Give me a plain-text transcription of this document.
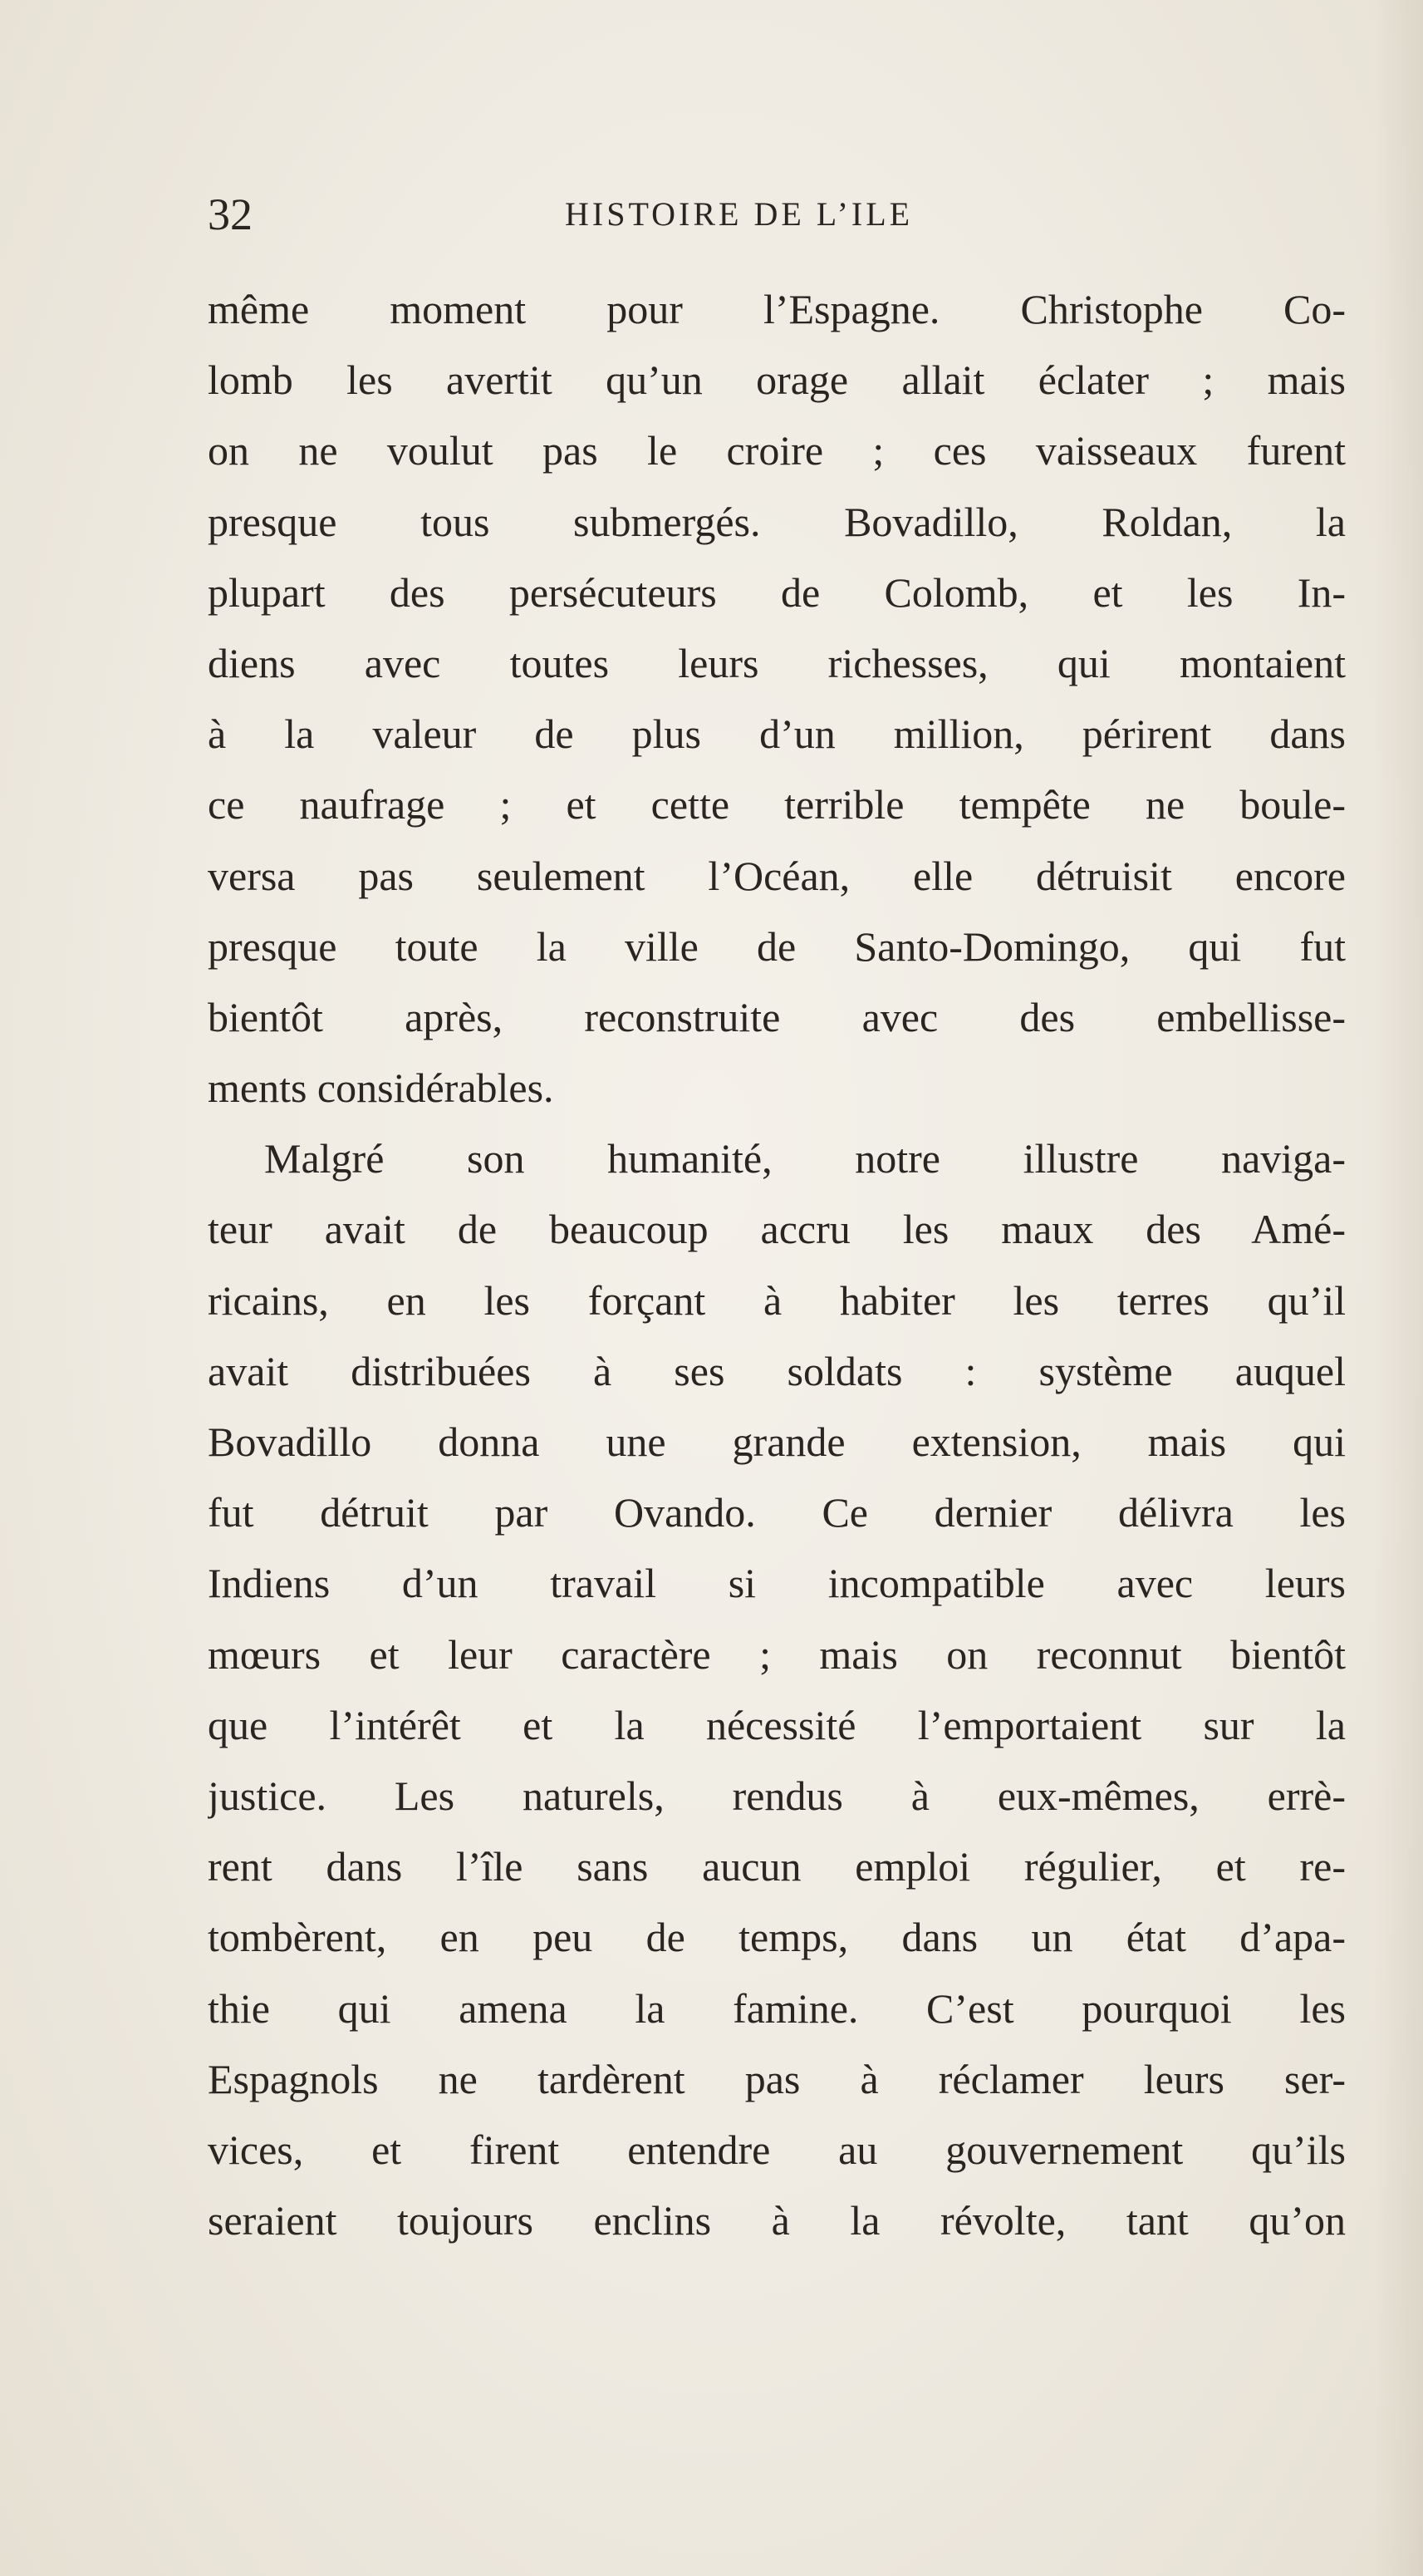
32	HISTOIRE DE L’ILE
même moment pour l’Espagne. Christophe Co-
lomb les avertit qu’un orage allait éclater ; mais
on ne voulut pas le croire ; ces vaisseaux furent
presque tous submergés. Bovadillo, Roldan, la
plupart des persécuteurs de Colomb, et les In-
diens avec toutes leurs richesses, qui montaient
à la valeur de plus d’un million, périrent dans
ce naufrage ; et cette terrible tempête ne boule-
versa pas seulement l’Océan, elle détruisit encore
presque toute la ville de Santo-Domingo, qui fut
bientôt après, reconstruite avec des embellisse-
ments considérables.
Malgré son humanité, notre illustre naviga-
teur avait de beaucoup accru les maux des Amé-
ricains, en les forçant à habiter les terres qu’il
avait distribuées à ses soldats : système auquel
Bovadillo donna une grande extension, mais qui
fut détruit par Ovando. Ce dernier délivra les
Indiens d’un travail si incompatible avec leurs
mœurs et leur caractère ; mais on reconnut bientôt
que l’intérêt et la nécessité l’emportaient sur la
justice. Les naturels, rendus à eux-mêmes, errè-
rent dans l’île sans aucun emploi régulier, et re-
tombèrent, en peu de temps, dans un état d’apa-
thie qui amena la famine. C’est pourquoi les
Espagnols ne tardèrent pas à réclamer leurs ser-
vices, et firent entendre au gouvernement qu’ils
seraient toujours enclins à la révolte, tant qu’on
